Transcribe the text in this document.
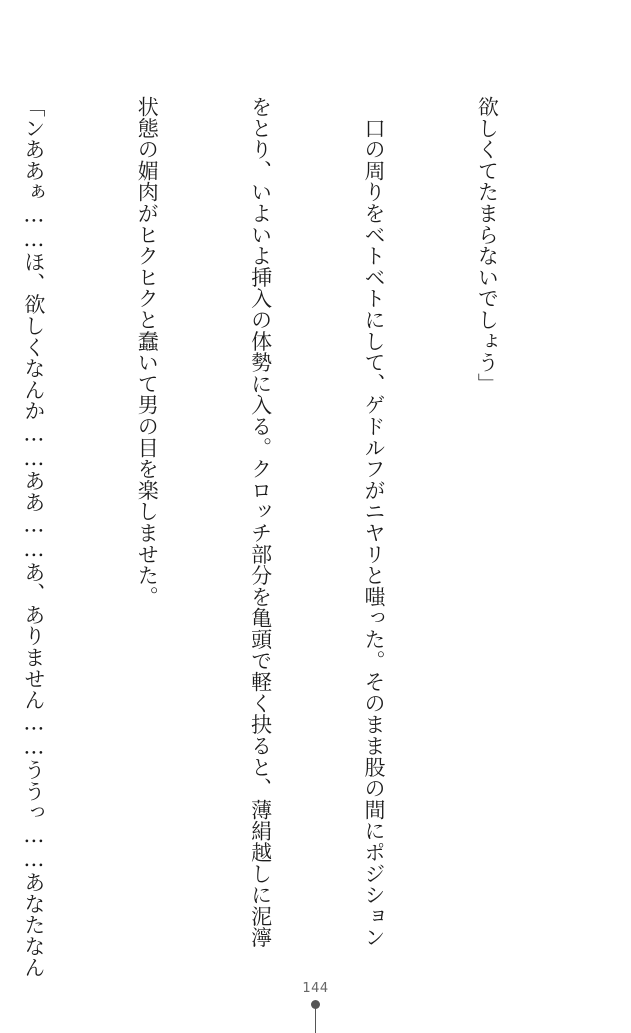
欲しくてたまらないでしょう」

　口の周りをベトベトにして、ゲドルフがニヤリと嗤った。そのまま股の間にポジション

をとり、いよいよ挿入の体勢に入る。クロッチ部分を亀頭で軽く抉ると、薄絹越しに泥濘

状態の媚肉がヒクヒクと蠢いて男の目を楽しませた。

「ンああぁ……ほ、欲しくなんか……ああ……あ、ありません……ううっ……あなたなん

144
